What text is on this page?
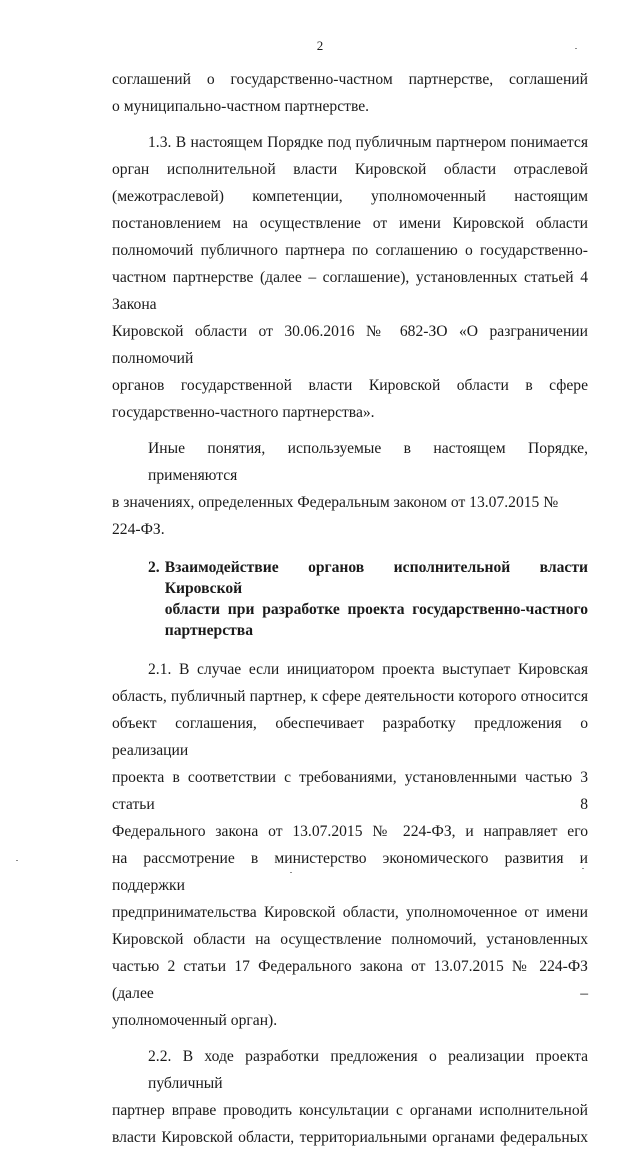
2
соглашений о государственно-частном партнерстве, соглашений
о муниципально-частном партнерстве.
1.3. В настоящем Порядке под публичным партнером понимается
орган исполнительной власти Кировской области отраслевой
(межотраслевой) компетенции, уполномоченный настоящим
постановлением на осуществление от имени Кировской области
полномочий публичного партнера по соглашению о государственно-
частном партнерстве (далее – соглашение), установленных статьей 4 Закона
Кировской области от 30.06.2016 № 682-ЗО «О разграничении полномочий
органов государственной власти Кировской области в сфере
государственно-частного партнерства».
Иные понятия, используемые в настоящем Порядке, применяются
в значениях, определенных Федеральным законом от 13.07.2015 № 224-ФЗ.
2. Взаимодействие органов исполнительной власти Кировской
области при разработке проекта государственно-частного
партнерства
2.1. В случае если инициатором проекта выступает Кировская
область, публичный партнер, к сфере деятельности которого относится
объект соглашения, обеспечивает разработку предложения о реализации
проекта в соответствии с требованиями, установленными частью 3 статьи 8
Федерального закона от 13.07.2015 № 224-ФЗ, и направляет его
на рассмотрение в министерство экономического развития и поддержки
предпринимательства Кировской области, уполномоченное от имени
Кировской области на осуществление полномочий, установленных
частью 2 статьи 17 Федерального закона от 13.07.2015 № 224-ФЗ (далее –
уполномоченный орган).
2.2. В ходе разработки предложения о реализации проекта публичный
партнер вправе проводить консультации с органами исполнительной
власти Кировской области, территориальными органами федеральных
